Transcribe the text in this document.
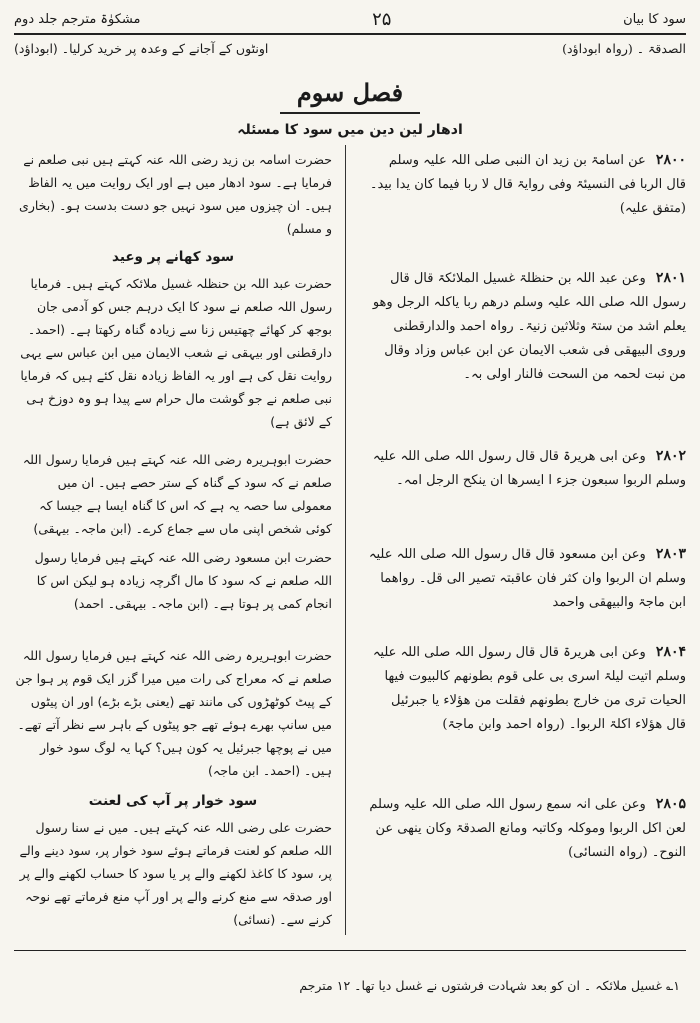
مشکوٰۃ مترجم جلد دوم	۲۵	سود کا بیان
اونٹوں کے آجانے کے وعدہ پر خرید کرلیا۔ (ابوداؤد)	الصدقۃ ۔ (رواہ ابوداؤد)
فصل سوم
ادھار لین دین میں سود کا مسئلہ
۲۸۰۰ عن اسامۃ بن زید ان النبی صلی اللہ علیہ وسلم قال الربا فی النسیئۃ وفی روایۃ قال لا ربا فیما کان یدا بید۔ (متفق علیہ)
۲۸۰۱ وعن عبد اللہ بن حنظلۃ غسیل الملائکۃ قال قال رسول اللہ صلی اللہ علیہ وسلم درھم ربا یاکلہ الرجل وھو یعلم اشد من ستۃ وثلاثین زنیۃ۔ رواہ احمد والدارقطنی وروی البیھقی فی شعب الایمان عن ابن عباس وزاد وقال من نبت لحمہ من السحت فالنار اولی بہ۔
۲۸۰۲ وعن ابی ھریرۃ قال قال رسول اللہ صلی اللہ علیہ وسلم الربوا سبعون جزء ا ایسرھا ان ینکح الرجل امہ۔
۲۸۰۳ وعن ابن مسعود قال قال رسول اللہ صلی اللہ علیہ وسلم ان الربوا وان کثر فان عاقبتہ تصیر الی قل۔ رواھما ابن ماجۃ والبیھقی واحمد
۲۸۰۴ وعن ابی ھریرۃ قال قال رسول اللہ صلی اللہ علیہ وسلم اتیت لیلۃ اسری بی علی قوم بطونھم کالبیوت فیھا الحیات تری من خارج بطونھم فقلت من ھؤلاء یا جبرئیل قال ھؤلاء اکلۃ الربوا۔ (رواہ احمد وابن ماجۃ)
۲۸۰۵ وعن علی انہ سمع رسول اللہ صلی اللہ علیہ وسلم لعن اکل الربوا وموکلہ وکاتبہ ومانع الصدقۃ وکان ینھی عن النوح۔ (رواہ النسائی)
حضرت اسامہ بن زید رضی اللہ عنہ کہتے ہیں نبی صلعم نے فرمایا ہے۔ سود ادھار میں ہے اور ایک روایت میں یہ الفاظ ہیں۔ ان چیزوں میں سود نہیں جو دست بدست ہو۔ (بخاری و مسلم)
سود کھانے پر وعید
حضرت عبد اللہ بن حنظلہ غسیل ملائکہ کہتے ہیں۔ فرمایا رسول اللہ صلعم نے سود کا ایک درہم جس کو آدمی جان بوجھ کر کھائے چھتیس زنا سے زیادہ گناہ رکھتا ہے۔ (احمد۔ دارقطنی اور بیہقی نے شعب الایمان میں ابن عباس سے یہی روایت نقل کی ہے اور یہ الفاظ زیادہ نقل کئے ہیں کہ فرمایا نبی صلعم نے جو گوشت مال حرام سے پیدا ہو وہ دوزخ ہی کے لائق ہے)
حضرت ابوہریرہ رضی اللہ عنہ کہتے ہیں فرمایا رسول اللہ صلعم نے کہ سود کے گناہ کے ستر حصے ہیں۔ ان میں معمولی سا حصہ یہ ہے کہ اس کا گناہ ایسا ہے جیسا کہ کوئی شخص اپنی ماں سے جماع کرے۔ (ابن ماجہ۔ بیہقی)
حضرت ابن مسعود رضی اللہ عنہ کہتے ہیں فرمایا رسول اللہ صلعم نے کہ سود کا مال اگرچہ زیادہ ہو لیکن اس کا انجام کمی پر ہوتا ہے۔ (ابن ماجہ۔ بیہقی۔ احمد)
حضرت ابوہریرہ رضی اللہ عنہ کہتے ہیں فرمایا رسول اللہ صلعم نے کہ معراج کی رات میں میرا گزر ایک قوم پر ہوا جن کے پیٹ کوٹھڑوں کی مانند تھے (یعنی بڑے بڑے) اور ان پیٹوں میں سانپ بھرے ہوئے تھے جو پیٹوں کے باہر سے نظر آتے تھے۔ میں نے پوچھا جبرئیل یہ کون ہیں؟ کہا یہ لوگ سود خوار ہیں۔ (احمد۔ ابن ماجہ)
سود خوار پر آپ کی لعنت
حضرت علی رضی اللہ عنہ کہتے ہیں۔ میں نے سنا رسول اللہ صلعم کو لعنت فرماتے ہوئے سود خوار پر، سود دینے والے پر، سود کا کاغذ لکھنے والے پر یا سود کا حساب لکھنے والے پر اور صدقہ سے منع کرنے والے پر اور آپ منع فرماتے تھے نوحہ کرنے سے۔ (نسائی)
۱؎ غسیل ملائکہ ۔ ان کو بعد شہادت فرشتوں نے غسل دیا تھا۔ ۱۲ مترجم
